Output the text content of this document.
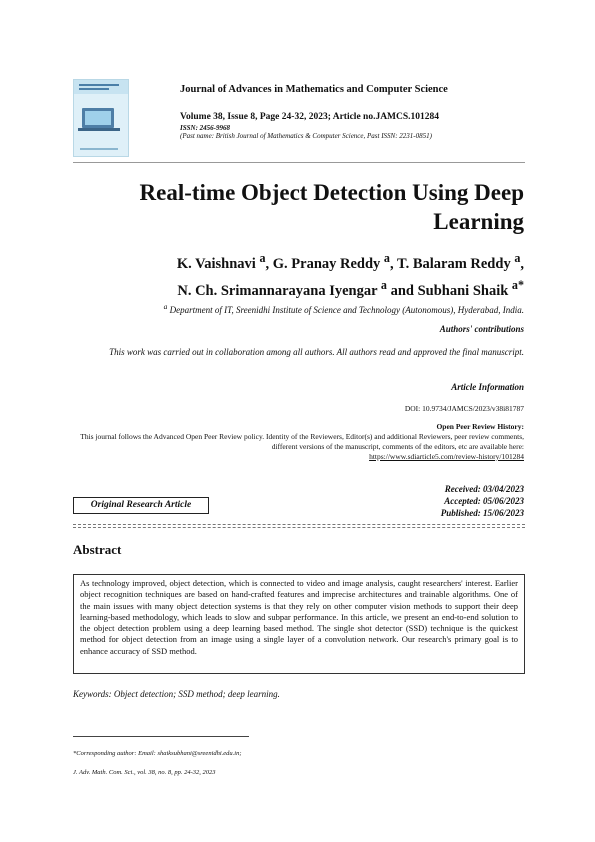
Journal of Advances in Mathematics and Computer Science
Volume 38, Issue 8, Page 24-32, 2023; Article no.JAMCS.101284
ISSN: 2456-9968
(Past name: British Journal of Mathematics & Computer Science, Past ISSN: 2231-0851)
Real-time Object Detection Using Deep
Learning
K. Vaishnavi $^a$, G. Pranay Reddy $^a$, T. Balaram Reddy $^a$,
N. Ch. Srimannarayana Iyengar $^a$ and Subhani Shaik $^{a*}$
$^a$ Department of IT, Sreenidhi Institute of Science and Technology (Autonomous), Hyderabad, India.
Authors' contributions
This work was carried out in collaboration among all authors. All authors read and approved the final manuscript.
Article Information
DOI: 10.9734/JAMCS/2023/v38i81787
Open Peer Review History:
This journal follows the Advanced Open Peer Review policy. Identity of the Reviewers, Editor(s) and additional Reviewers, peer review comments, different versions of the manuscript, comments of the editors, etc are available here:
https://www.sdiarticle5.com/review-history/101284
Received: 03/04/2023
Accepted: 05/06/2023
Published: 15/06/2023
Original Research Article
Abstract
As technology improved, object detection, which is connected to video and image analysis, caught researchers' interest. Earlier object recognition techniques are based on hand-crafted features and imprecise architectures and trainable algorithms. One of the main issues with many object detection systems is that they rely on other computer vision methods to support their deep learning-based methodology, which leads to slow and subpar performance. In this article, we present an end-to-end solution to the object detection problem using a deep learning based method. The single shot detector (SSD) technique is the quickest method for object detection from an image using a single layer of a convolution network. Our research's primary goal is to enhance accuracy of SSD method.
Keywords: Object detection; SSD method; deep learning.
*Corresponding author: Email: shaiksubhani@sreenidhi.edu.in;
J. Adv. Math. Com. Sci., vol. 38, no. 8, pp. 24-32, 2023
